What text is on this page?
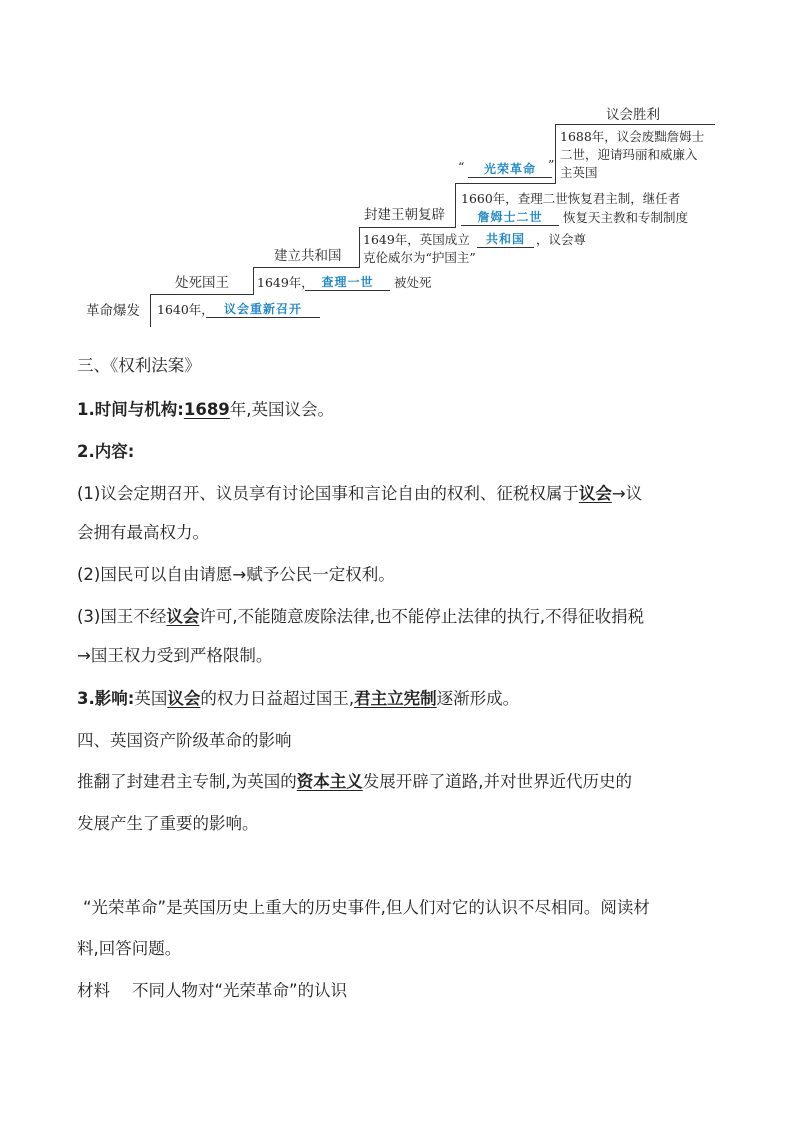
革命爆发 1640年， 议会重新召开
处死国王 1649年， 查理一世	被处死
建立共和国
1649年，英国成立	共和国 ，议会尊
克伦威尔为“护国主”
封建王朝复辟
1660年，查理二世恢复君主制，继任者
詹姆士二世	恢复天主教和专制制度
“	光荣革命 ”
1688年，议会废黜詹姆士
二世，迎请玛丽和威廉入
主英国
议会胜利
三、《权利法案》
1.时间与机构:1689年,英国议会。
2.内容:
(1)议会定期召开、议员享有讨论国事和言论自由的权利、征税权属于议会→议
会拥有最高权力。
(2)国民可以自由请愿→赋予公民一定权利。
(3)国王不经议会许可,不能随意废除法律,也不能停止法律的执行,不得征收捐税
→国王权力受到严格限制。
3.影响:英国议会的权力日益超过国王,君主立宪制逐渐形成。
四、英国资产阶级革命的影响
推翻了封建君主专制,为英国的资本主义发展开辟了道路,并对世界近代历史的
发展产生了重要的影响。
“光荣革命”是英国历史上重大的历史事件,但人们对它的认识不尽相同。阅读材
料,回答问题。
材料 不同人物对“光荣革命”的认识
